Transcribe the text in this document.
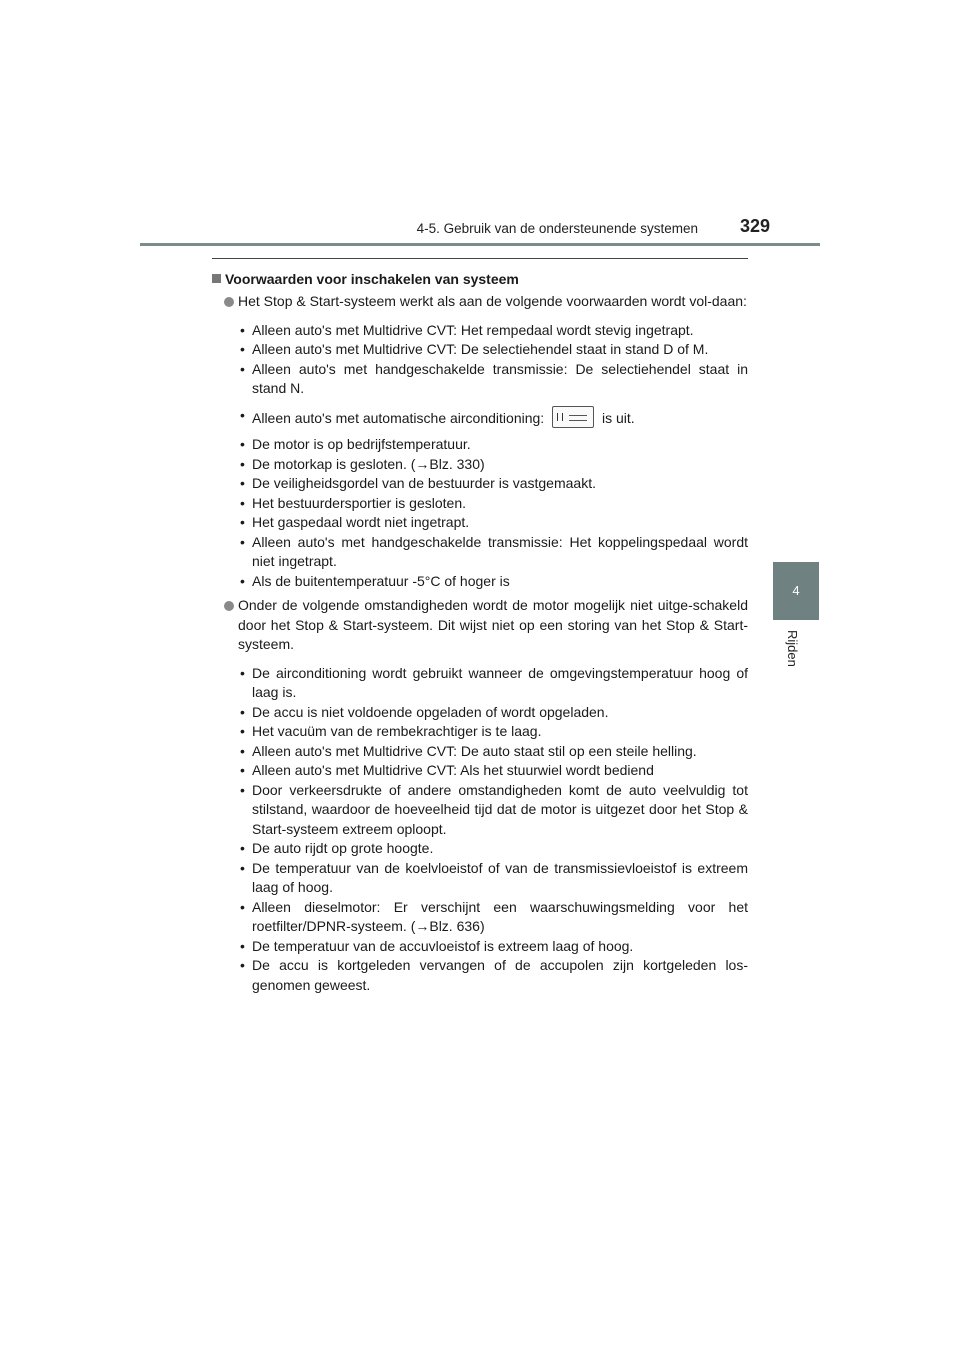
4-5. Gebruik van de ondersteunende systemen 329
4
Rijden
Voorwaarden voor inschakelen van systeem
Het Stop & Start-systeem werkt als aan de volgende voorwaarden wordt vol-daan:
• Alleen auto's met Multidrive CVT: Het rempedaal wordt stevig ingetrapt.
• Alleen auto's met Multidrive CVT: De selectiehendel staat in stand D of M.
• Alleen auto's met handgeschakelde transmissie: De selectiehendel staat in stand N.
• Alleen auto's met automatische airconditioning:	is uit.
• De motor is op bedrijfstemperatuur.
• De motorkap is gesloten. (→Blz. 330)
• De veiligheidsgordel van de bestuurder is vastgemaakt.
• Het bestuurdersportier is gesloten.
• Het gaspedaal wordt niet ingetrapt.
• Alleen auto's met handgeschakelde transmissie: Het koppelingspedaal wordt niet ingetrapt.
• Als de buitentemperatuur -5°C of hoger is
Onder de volgende omstandigheden wordt de motor mogelijk niet uitge-schakeld door het Stop & Start-systeem. Dit wijst niet op een storing van het Stop & Start-systeem.
• De airconditioning wordt gebruikt wanneer de omgevingstemperatuur hoog of laag is.
• De accu is niet voldoende opgeladen of wordt opgeladen.
• Het vacuüm van de rembekrachtiger is te laag.
• Alleen auto's met Multidrive CVT: De auto staat stil op een steile helling.
• Alleen auto's met Multidrive CVT: Als het stuurwiel wordt bediend
• Door verkeersdrukte of andere omstandigheden komt de auto veelvuldig tot stilstand, waardoor de hoeveelheid tijd dat de motor is uitgezet door het Stop & Start-systeem extreem oploopt.
• De auto rijdt op grote hoogte.
• De temperatuur van de koelvloeistof of van de transmissievloeistof is extreem laag of hoog.
• Alleen dieselmotor: Er verschijnt een waarschuwingsmelding voor het roetfilter/DPNR-systeem. (→Blz. 636)
• De temperatuur van de accuvloeistof is extreem laag of hoog.
• De accu is kortgeleden vervangen of de accupolen zijn kortgeleden los-genomen geweest.
